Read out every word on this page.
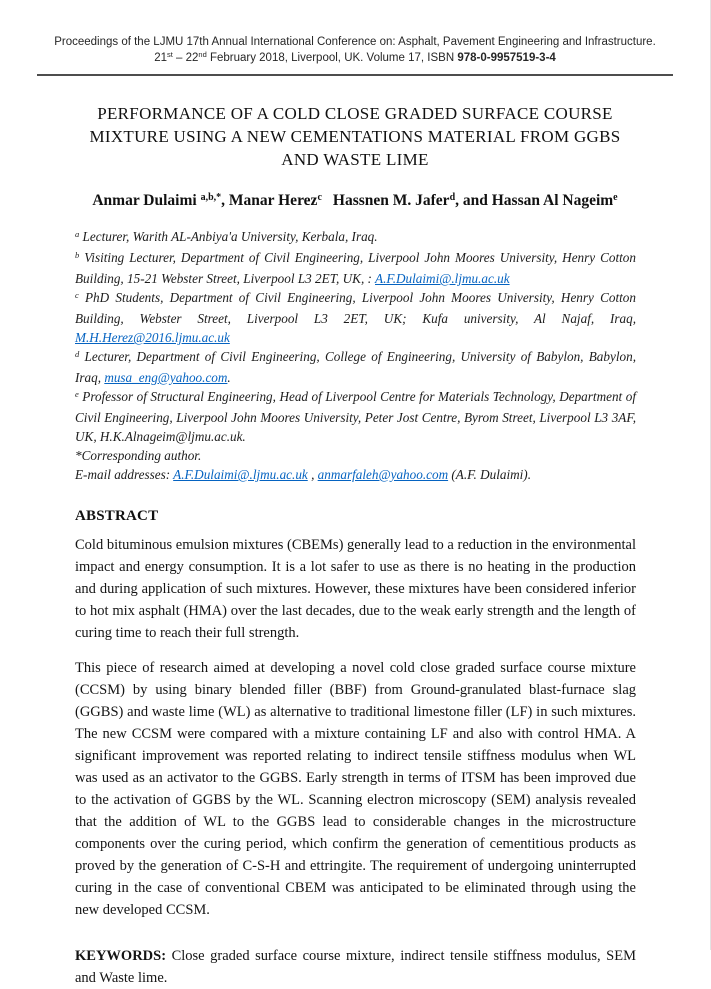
Proceedings of the LJMU 17th Annual International Conference on: Asphalt, Pavement Engineering and Infrastructure.
21st – 22nd February 2018, Liverpool, UK. Volume 17, ISBN 978-0-9957519-3-4
PERFORMANCE OF A COLD CLOSE GRADED SURFACE COURSE MIXTURE USING A NEW CEMENTATIONS MATERIAL FROM GGBS AND WASTE LIME
Anmar Dulaimi $^{a,b,*}$, Manar Herez$^c$ Hassnen M. Jafer$^d$, and Hassan Al Nageim$^e$

$^a$ Lecturer, Warith AL-Anbiya'a University, Kerbala, Iraq.

$^b$ Visiting Lecturer, Department of Civil Engineering, Liverpool John Moores University, Henry Cotton Building, 15-21 Webster Street, Liverpool L3 2ET, UK, : A.F.Dulaimi@.ljmu.ac.uk

$^c$ PhD Students, Department of Civil Engineering, Liverpool John Moores University, Henry Cotton Building, Webster Street, Liverpool L3 2ET, UK; Kufa university, Al Najaf, Iraq, M.H.Herez@2016.ljmu.ac.uk

$^d$ Lecturer, Department of Civil Engineering, College of Engineering, University of Babylon, Babylon, Iraq, musa_eng@yahoo.com.

$^e$ Professor of Structural Engineering, Head of Liverpool Centre for Materials Technology, Department of Civil Engineering, Liverpool John Moores University, Peter Jost Centre, Byrom Street, Liverpool L3 3AF, UK, H.K.Alnageim@ljmu.ac.uk.

*Corresponding author.

E-mail addresses: A.F.Dulaimi@.ljmu.ac.uk , anmarfaleh@yahoo.com (A.F. Dulaimi).

ABSTRACT

Cold bituminous emulsion mixtures (CBEMs) generally lead to a reduction in the environmental impact and energy consumption. It is a lot safer to use as there is no heating in the production and during application of such mixtures. However, these mixtures have been considered inferior to hot mix asphalt (HMA) over the last decades, due to the weak early strength and the length of curing time to reach their full strength.

This piece of research aimed at developing a novel cold close graded surface course mixture (CCSM) by using binary blended filler (BBF) from Ground-granulated blast-furnace slag (GGBS) and waste lime (WL) as alternative to traditional limestone filler (LF) in such mixtures. The new CCSM were compared with a mixture containing LF and also with control HMA. A significant improvement was reported relating to indirect tensile stiffness modulus when WL was used as an activator to the GGBS. Early strength in terms of ITSM has been improved due to the activation of GGBS by the WL. Scanning electron microscopy (SEM) analysis revealed that the addition of WL to the GGBS lead to considerable changes in the microstructure components over the curing period, which confirm the generation of cementitious products as proved by the generation of C-S-H and ettringite. The requirement of undergoing uninterrupted curing in the case of conventional CBEM was anticipated to be eliminated through using the new developed CCSM.

KEYWORDS: Close graded surface course mixture, indirect tensile stiffness modulus, SEM and Waste lime.
